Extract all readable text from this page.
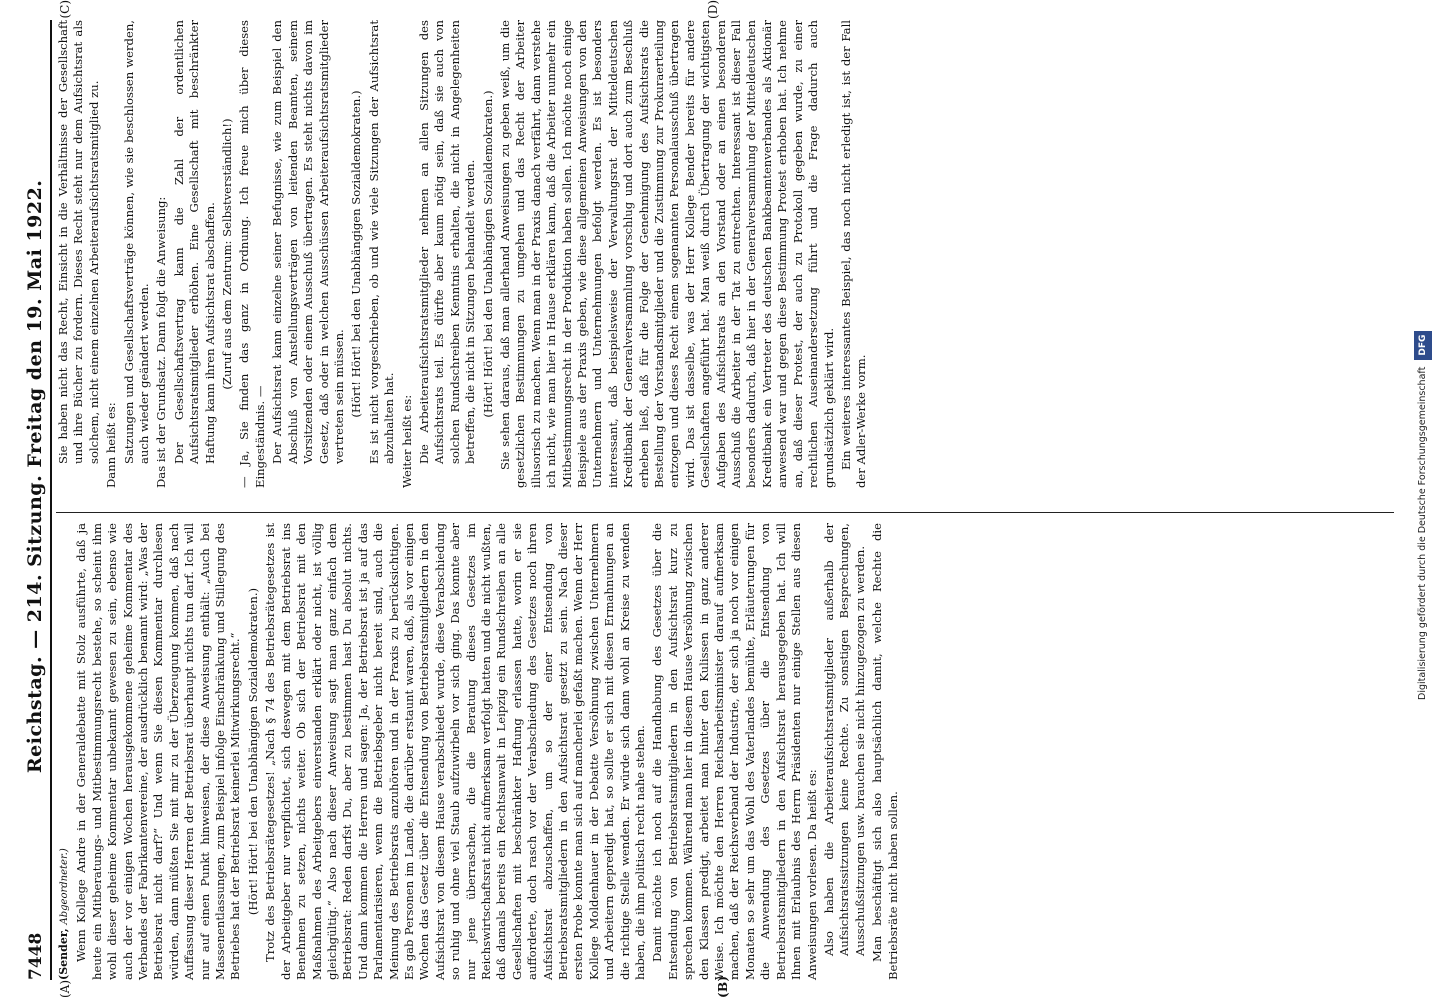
7448
Reichstag. — 214. Sitzung. Freitag den 19. Mai 1922.
(A)	(B)

(Sender, Abgeordneter.) Wenn Kollege Andre in der Generaldebatte mit Stolz ausführte, daß ja heute ein Mitberatungs- und Mitbestimmungsrecht bestehe, so scheint ihm wohl dieser geheime Kommentar unbekannt gewesen zu sein, ebenso wie auch der vor einigen Wochen herausgekommene geheime Kommentar des Verbandes der Fabrikantenvereine, der ausdrücklich benannt wird: „Was der Betriebsrat nicht darf?“ Und wenn Sie diesen Kommentar durchlesen würden, dann müßten Sie mit mir zu der Überzeugung kommen, daß nach Auffassung dieser Herren der Betriebsrat überhaupt nichts tun darf. Ich will nur auf einen Punkt hinweisen, der diese Anweisung enthält: „Auch bei Massenentlassungen, zum Beispiel infolge Einschränkung und Stillegung des Betriebes hat der Betriebsrat keinerlei Mitwirkungsrecht.“ (Hört! Hört! bei den Unabhängigen Sozialdemokraten.) Trotz des Betriebsrätegesetzes! „Nach § 74 des Betriebsrätegesetzes ist der Arbeitgeber nur verpflichtet, sich deswegen mit dem Betriebsrat ins Benehmen zu setzen, nichts weiter. Ob sich der Betriebsrat mit den Maßnahmen des Arbeitgebers einverstanden erklärt oder nicht, ist völlig gleichgültig.“ Also nach dieser Anweisung sagt man ganz einfach dem Betriebsrat: Reden darfst Du, aber zu bestimmen hast Du absolut nichts. Und dann kommen die Herren und sagen: Ja, der Betriebsrat ist ja auf das Parlamentarisieren, wenn die Betriebsgeber nicht bereit sind, auch die Meinung des Betriebsrats anzuhören und in der Praxis zu berücksichtigen. Es gab Personen im Lande, die darüber erstaunt waren, daß, als vor einigen Wochen das Gesetz über die Entsendung von Betriebsratsmitgliedern in den Aufsichtsrat von diesem Hause verabschiedet wurde, diese Verabschiedung so ruhig und ohne viel Staub aufzuwirbeln vor sich ging. Das konnte aber nur jene überraschen, die die Beratung dieses Gesetzes im Reichswirtschaftsrat nicht aufmerksam verfolgt hatten und die nicht wußten, daß damals bereits ein Rechtsanwalt in Leipzig ein Rundschreiben an alle Gesellschaften mit beschränkter Haftung erlassen hatte, worin er sie aufforderte, doch rasch vor der Verabschiedung des Gesetzes noch ihren Aufsichtsrat abzuschaffen, um so der einer Entsendung von Betriebsratsmitgliedern in den Aufsichtsrat gesetzt zu sein. Nach dieser ersten Probe konnte man sich auf mancherlei gefaßt machen. Wenn der Herr Kollege Moldenhauer in der Debatte Versöhnung zwischen Unternehmern und Arbeitern gepredigt hat, so sollte er sich mit diesen Ermahnungen an die richtige Stelle wenden. Er würde sich dann wohl an Kreise zu wenden haben, die ihm politisch recht nahe stehen. Damit möchte ich noch auf die Handhabung des Gesetzes über die Entsendung von Betriebsratsmitgliedern in den Aufsichtsrat kurz zu sprechen kommen. Während man hier in diesem Hause Versöhnung zwischen den Klassen predigt, arbeitet man hinter den Kulissen in ganz anderer Weise. Ich möchte den Herren Reichsarbeitsminister darauf aufmerksam machen, daß der Reichsverband der Industrie, der sich ja noch vor einigen Monaten so sehr um das Wohl des Vaterlandes bemühte, Erläuterungen für die Anwendung des Gesetzes über die Entsendung von Betriebsratsmitgliedern in den Aufsichtsrat herausgegeben hat. Ich will Ihnen mit Erlaubnis des Herrn Präsidenten nur einige Stellen aus diesen Anweisungen vorlesen. Da heißt es: Also haben die Arbeiteraufsichtsratsmitglieder außerhalb der Aufsichtsratssitzungen keine Rechte. Zu sonstigen Besprechungen, Ausschußsitzungen usw. brauchen sie nicht hinzugezogen zu werden. Man beschäftigt sich also hauptsächlich damit, welche Rechte die Betriebsräte nicht haben sollen.

(C)	(D)

Sie haben nicht das Recht, Einsicht in die Verhältnisse der Gesellschaft und ihre Bücher zu fordern. Dieses Recht steht nur dem Aufsichtsrat als solchem, nicht einem einzelnen Arbeiteraufsichtsratsmitglied zu. Dann heißt es: Satzungen und Gesellschaftsverträge können, wie sie beschlossen werden, auch wieder geändert werden. Das ist der Grundsatz. Dann folgt die Anweisung: Der Gesellschaftsvertrag kann die Zahl der ordentlichen Aufsichtsratsmitglieder erhöhen. Eine Gesellschaft mit beschränkter Haftung kann ihren Aufsichtsrat abschaffen. (Zuruf aus dem Zentrum: Selbstverständlich!) — Ja, Sie finden das ganz in Ordnung. Ich freue mich über dieses Eingeständnis. — Der Aufsichtsrat kann einzelne seiner Befugnisse, wie zum Beispiel den Abschluß von Anstellungsverträgen von leitenden Beamten, seinem Vorsitzenden oder einem Ausschuß übertragen. Es steht nichts davon im Gesetz, daß oder in welchen Ausschüssen Arbeiteraufsichtsratsmitglieder vertreten sein müssen. (Hört! Hört! bei den Unabhängigen Sozialdemokraten.) Es ist nicht vorgeschrieben, ob und wie viele Sitzungen der Aufsichtsrat abzuhalten hat. Weiter heißt es: Die Arbeiteraufsichtsratsmitglieder nehmen an allen Sitzungen des Aufsichtsrats teil. Es dürfte aber kaum nötig sein, daß sie auch von solchen Rundschreiben Kenntnis erhalten, die nicht in Angelegenheiten betreffen, die nicht in Sitzungen behandelt werden. (Hört! Hört! bei den Unabhängigen Sozialdemokraten.) Sie sehen daraus, daß man allerhand Anweisungen zu geben weiß, um die gesetzlichen Bestimmungen zu umgehen und das Recht der Arbeiter illusorisch zu machen. Wenn man in der Praxis danach verfährt, dann verstehe ich nicht, wie man hier in Hause erklären kann, daß die Arbeiter nunmehr ein Mitbestimmungsrecht in der Produktion haben sollen. Ich möchte noch einige Beispiele aus der Praxis geben, wie diese allgemeinen Anweisungen von den Unternehmern und Unternehmungen befolgt werden. Es ist besonders interessant, daß beispielsweise der Verwaltungsrat der Mitteldeutschen Kreditbank der Generalversammlung vorschlug und dort auch zum Beschluß erheben ließ, daß für die Folge der Genehmigung des Aufsichtsrats die Bestellung der Vorstandsmitglieder und die Zustimmung zur Prokuraerteilung entzogen und dieses Recht einem sogenannten Personalausschuß übertragen wird. Das ist dasselbe, was der Herr Kollege Bender bereits für andere Gesellschaften angeführt hat. Man weiß durch Übertragung der wichtigsten Aufgaben des Aufsichtsrats an den Vorstand oder an einen besonderen Ausschuß die Arbeiter in der Tat zu entrechten. Interessant ist dieser Fall besonders dadurch, daß hier in der Generalversammlung der Mitteldeutschen Kreditbank ein Vertreter des deutschen Bankbeamtenverbandes als Aktionär anwesend war und gegen diese Bestimmung Protest erhoben hat. Ich nehme an, daß dieser Protest, der auch zu Protokoll gegeben wurde, zu einer rechtlichen Auseinandersetzung führt und die Frage dadurch auch grundsätzlich geklärt wird. Ein weiteres interessantes Beispiel, das noch nicht erledigt ist, ist der Fall der Adler-Werke vorm.	Digitalisierung gefördert durch die Deutsche Forschungsgemeinschaft DFG
